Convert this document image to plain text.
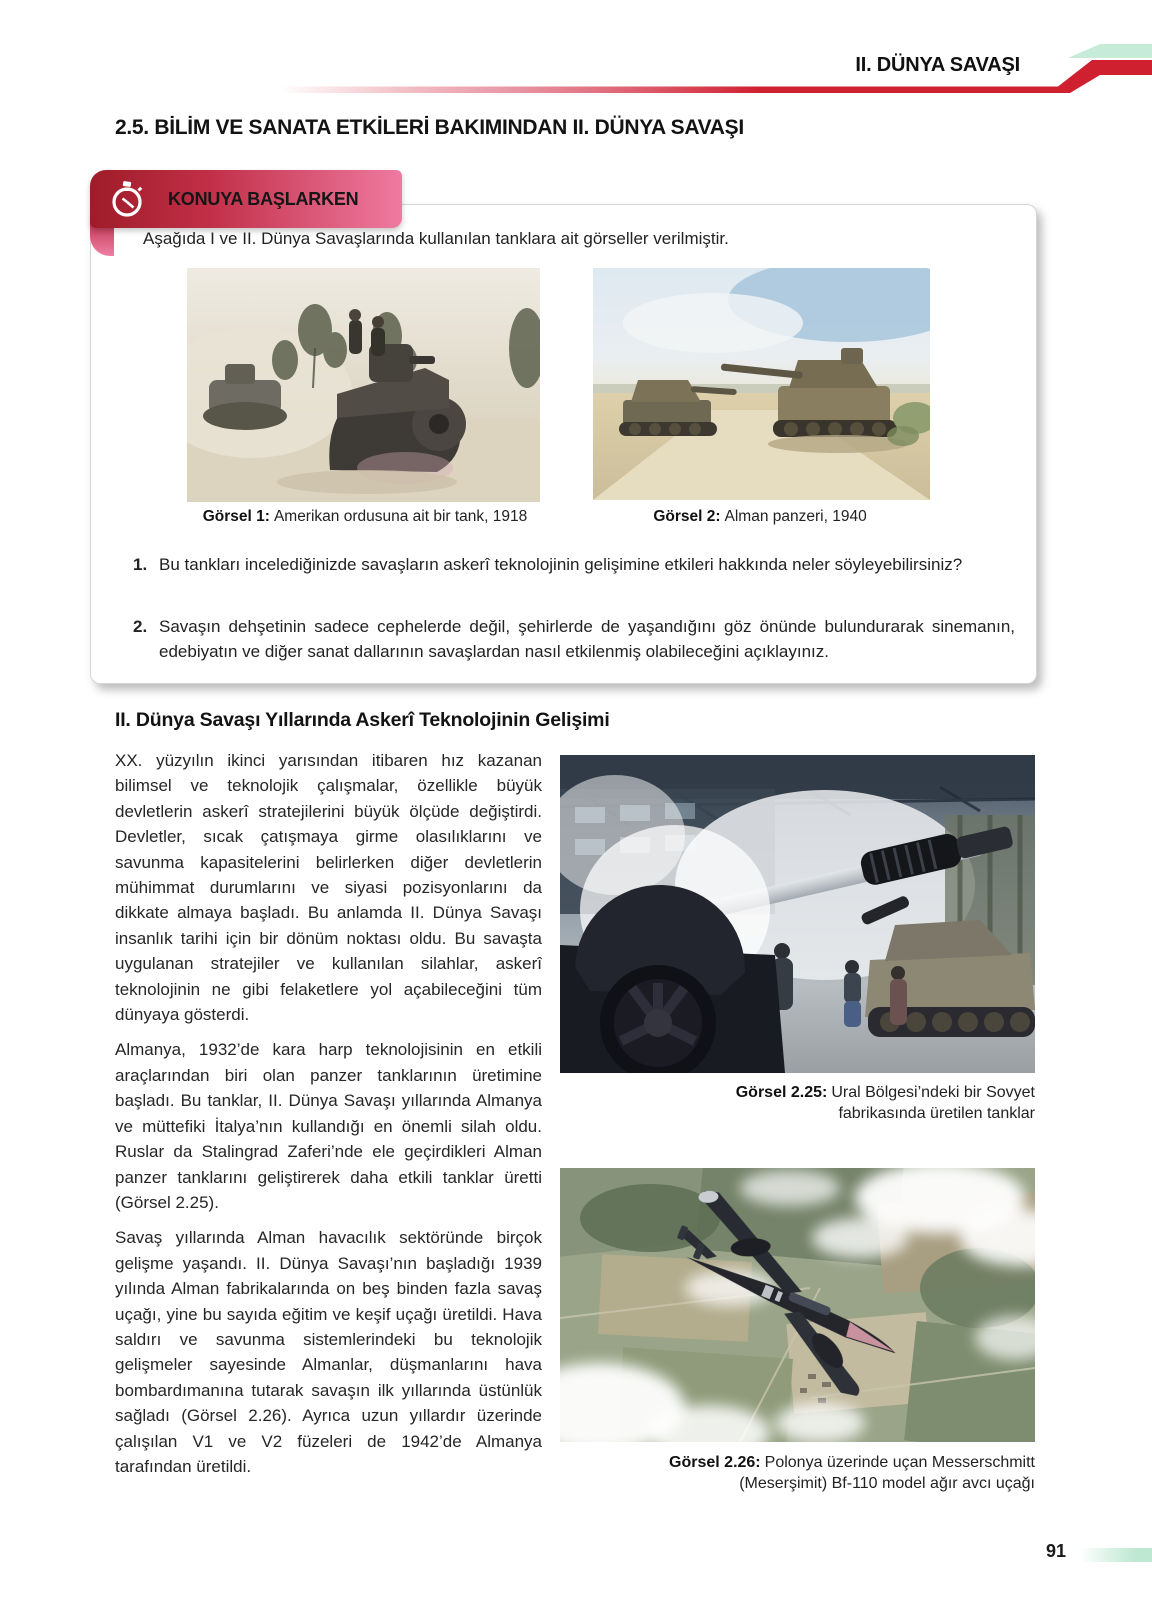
II. DÜNYA SAVAŞI
2.5. BİLİM VE SANATA ETKİLERİ BAKIMINDAN II. DÜNYA SAVAŞI
KONUYA BAŞLARKEN

Aşağıda I ve II. Dünya Savaşlarında kullanılan tanklara ait görseller verilmiştir.

Görsel 1: Amerikan ordusuna ait bir tank, 1918	Görsel 2: Alman panzeri, 1940

1. Bu tankları incelediğinizde savaşların askerî teknolojinin gelişimine etkileri hakkında neler söyleyebilirsiniz?
2. Savaşın dehşetinin sadece cephelerde değil, şehirlerde de yaşandığını göz önünde bulundurarak sinemanın, edebiyatın ve diğer sanat dallarının savaşlardan nasıl etkilenmiş olabileceğini açıklayınız.
II. Dünya Savaşı Yıllarında Askerî Teknolojinin Gelişimi

XX. yüzyılın ikinci yarısından itibaren hız kazanan bilimsel ve teknolojik çalışmalar, özellikle büyük devletlerin askerî stratejilerini büyük ölçüde değiştirdi. Devletler, sıcak çatışmaya girme olasılıklarını ve savunma kapasitelerini belirlerken diğer devletlerin mühimmat durumlarını ve siyasi pozisyonlarını da dikkate almaya başladı. Bu anlamda II. Dünya Savaşı insanlık tarihi için bir dönüm noktası oldu. Bu savaşta uygulanan stratejiler ve kullanılan silahlar, askerî teknolojinin ne gibi felaketlere yol açabileceğini tüm dünyaya gösterdi.

Almanya, 1932’de kara harp teknolojisinin en etkili araçlarından biri olan panzer tanklarının üretimine başladı. Bu tanklar, II. Dünya Savaşı yıllarında Almanya ve müttefiki İtalya’nın kullandığı en önemli silah oldu. Ruslar da Stalingrad Zaferi’nde ele geçirdikleri Alman panzer tanklarını geliştirerek daha etkili tanklar üretti (Görsel 2.25).

Savaş yıllarında Alman havacılık sektöründe birçok gelişme yaşandı. II. Dünya Savaşı’nın başladığı 1939 yılında Alman fabrikalarında on beş binden fazla savaş uçağı, yine bu sayıda eğitim ve keşif uçağı üretildi. Hava saldırı ve savunma sistemlerindeki bu teknolojik gelişmeler sayesinde Almanlar, düşmanlarını hava bombardımanına tutarak savaşın ilk yıllarında üstünlük sağladı (Görsel 2.26). Ayrıca uzun yıllardır üzerinde çalışılan V1 ve V2 füzeleri de 1942’de Almanya tarafından üretildi.

Görsel 2.25: Ural Bölgesi’ndeki bir Sovyet fabrikasında üretilen tanklar

Görsel 2.26: Polonya üzerinde uçan Messerschmitt (Meserşimit) Bf-110 model ağır avcı uçağı

91
